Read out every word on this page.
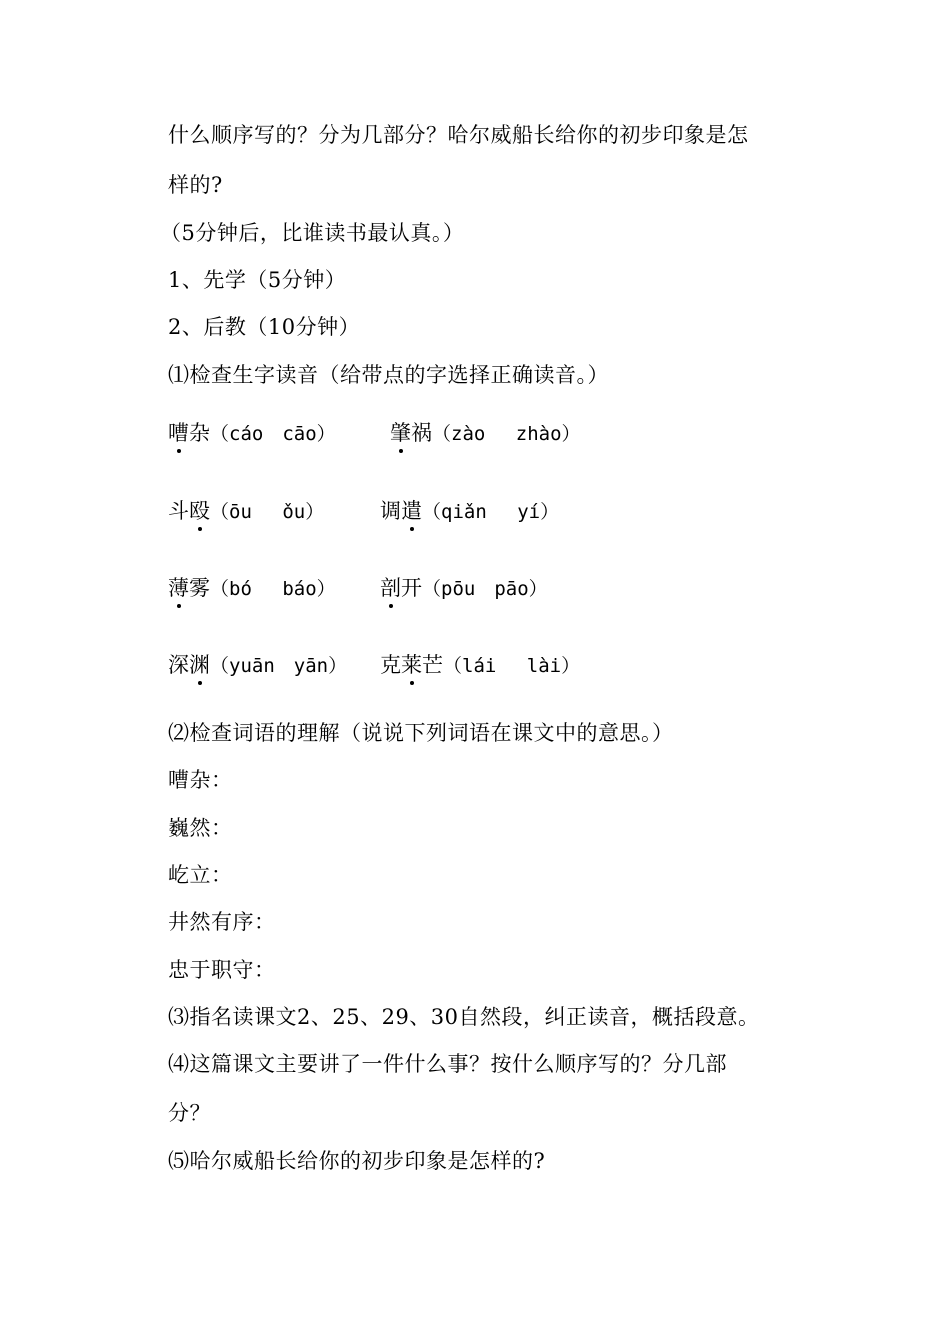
什么顺序写的？分为几部分？哈尔威船长给你的初步印象是怎
样的?
（5分钟后，比谁读书最认真。）
1、先学（5分钟）
2、后教（10分钟）
⑴检查生字读音（给带点的字选择正确读音。）
嘈杂（cáo　cāo）	肇祸（zào　 zhào）
斗殴（ōu　 ǒu）	调遣（qiǎn　 yí）
薄雾（bó　 báo） 剖开（pōu　pāo）
深渊（yuān　yān） 克莱芒（lái　 lài）
⑵检查词语的理解（说说下列词语在课文中的意思。）
嘈杂：
巍然：
屹立：
井然有序：
忠于职守：
⑶指名读课文2、25、29、30自然段，纠正读音，概括段意。
⑷这篇课文主要讲了一件什么事？按什么顺序写的？分几部
分？
⑸哈尔威船长给你的初步印象是怎样的?
